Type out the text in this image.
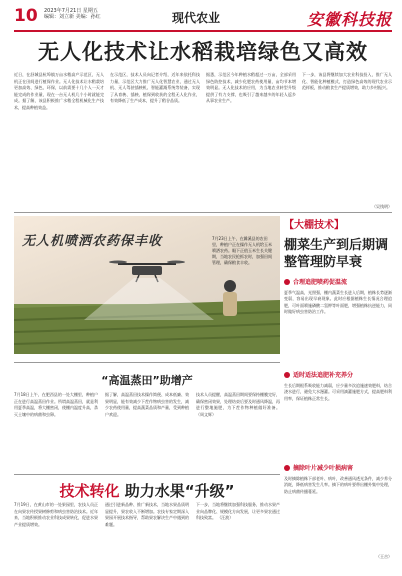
10 2023年7月21日 星期五
编辑：刘立新 美编：孙红	现代农业	安徽科技报
无人化技术让水稻栽培绿色又高效
近日，在舒城县杭埠镇万亩水稻高产示范区，无人机正在田间进行植保作业。无人化技术让水稻栽培更加高效、绿色、环保，以前需要十几个人一天才能完成的作业量，现在一台无人机几个小时就能完成。据了解，该县积极推广水稻全程机械化生产技术，提高种植效益。
在示范区，技术人员向记者介绍，近年来依托科技力量，示范区大力推广无人化智慧农业，通过无人机、无人驾驶插秧机、智能灌溉系统等装备，实现了从育秧、插秧、植保到收获的全程无人化作业，有效降低了生产成本，提升了稻谷品质。
据悉，示范区今年种植水稻超过一万亩，全部采用绿色防控技术，减少化肥农药使用量，亩均节本增效明显。无人化技术的应用，为当地农业转型升级提供了有力支撑，也吸引了越来越多的年轻人返乡从事农业生产。
下一步，该县将继续加大农业科技投入，推广无人化、智能化种植模式，打造绿色高效的现代农业示范样板，推动粮食生产提质增效，助力乡村振兴。
（吴钱明）
无人机喷洒农药保丰收	7月23日上午，在濉溪县的农田里，种植户正在操作无人机给玉米喷洒农药。眼下正值玉米生长关键期，当地农民抢抓农时，加强田间管理，确保粮食丰收。
【大棚技术】
棚菜生产到后期调整管理防早衰
合理追肥喷药促温流
夏季气温高，光照强，棚内蔬菜生长进入后期，植株长势逐渐变弱，容易出现早衰现象。此时应根据植株生长情况合理追肥，可叶面喷施磷酸二氢钾等叶面肥，增强植株抗逆能力，同时做好病虫害防治工作。
适时适法追肥补充养分
生长后期根系吸收能力减弱，应少量多次追施速效肥料，结合浇水进行，避免大水漫灌。可采用滴灌施肥方式，提高肥料利用率，保证植株正常生长。
摘除叶片减少叶损病害
及时摘除植株下部老叶、病叶，改善通风透光条件，减少养分消耗，降低病害发生几率。摘下的病叶要带出棚外集中处理，防止病菌传播蔓延。
（王吉）
“高温蒸田”助增产
7月18日上午，在肥西县的一处大棚里，种植户正在进行高温蒸田作业。所谓高温蒸田，就是利用夏季高温，将大棚密闭，使棚内温度升高，杀灭土壤中的病菌和虫卵。
据了解，高温蒸田技术操作简便、成本低廉、效果明显，能有效减少下茬作物病虫害的发生，减少农药使用量，提高蔬菜品质和产量，受到种植户欢迎。
技术人员提醒，高温蒸田期间要保持棚膜完好，确保密闭效果，处理结束后要及时通风降温，再进行整地施肥，为下茬作物种植做好准备。 （周文辉）
技术转化 助力水果“升级”
7月19日，在黄山市的一处果园里，农技人员正在向果农传授果树修剪和病虫害防治技术。近年来，当地积极推动农业科技成果转化，促进水果产业提质增效。
通过引进新品种、推广新技术，当地水果品质明显提升，果农收入不断增加。农技专家定期深入果园开展技术指导，帮助果农解决生产中遇到的难题。
下一步，当地将继续加强科技服务，推动水果产业向品牌化、规模化方向发展，让更多果农通过科技致富。 （汪波）
